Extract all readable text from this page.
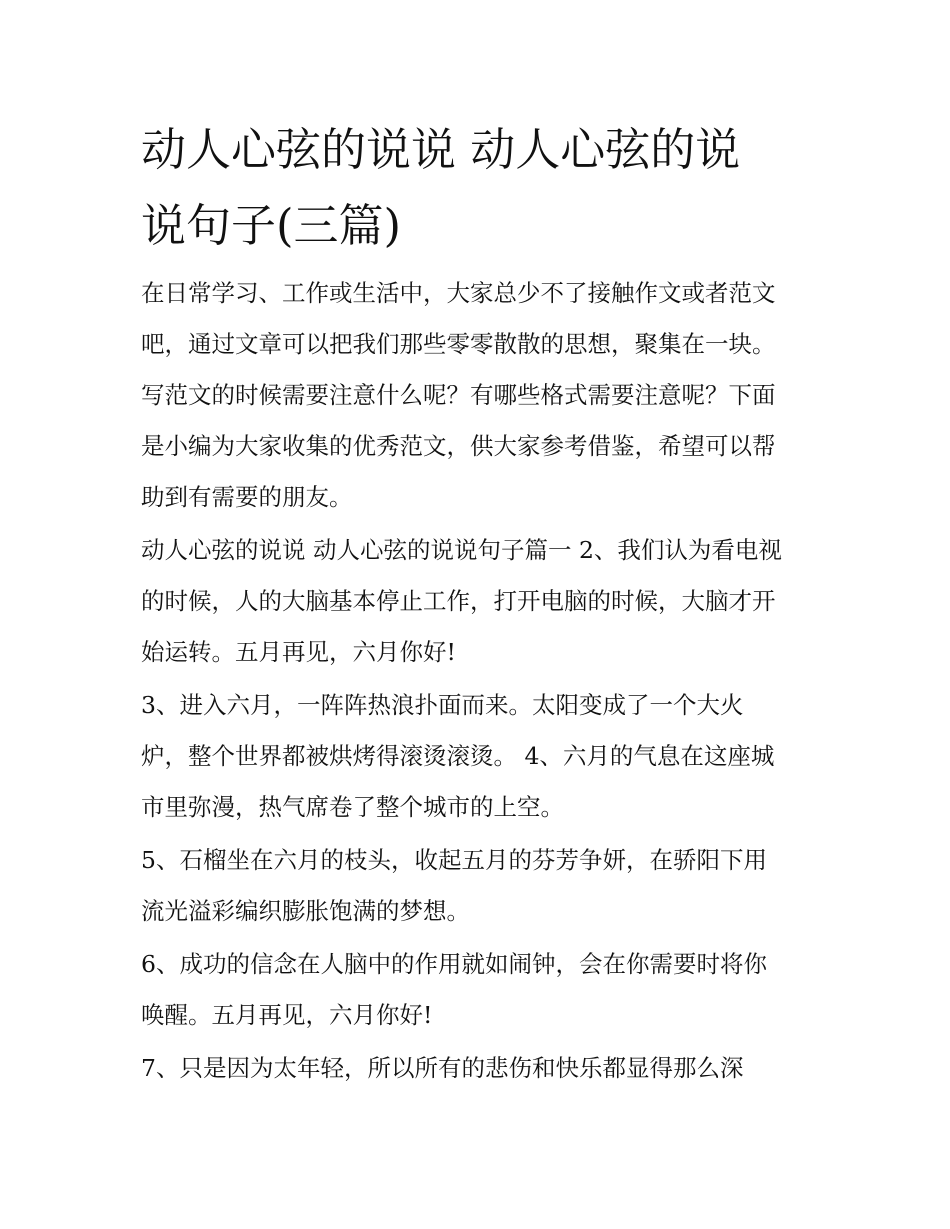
动人心弦的说说 动人心弦的说
说句子(三篇)

在日常学习、工作或生活中，大家总少不了接触作文或者范文
吧，通过文章可以把我们那些零零散散的思想，聚集在一块。
写范文的时候需要注意什么呢？有哪些格式需要注意呢？下面
是小编为大家收集的优秀范文，供大家参考借鉴，希望可以帮
助到有需要的朋友。

动人心弦的说说 动人心弦的说说句子篇一 2、我们认为看电视
的时候，人的大脑基本停止工作，打开电脑的时候，大脑才开
始运转。五月再见，六月你好!

3、进入六月，一阵阵热浪扑面而来。太阳变成了一个大火
炉，整个世界都被烘烤得滚烫滚烫。 4、六月的气息在这座城
市里弥漫，热气席卷了整个城市的上空。

5、石榴坐在六月的枝头，收起五月的芬芳争妍，在骄阳下用
流光溢彩编织膨胀饱满的梦想。

6、成功的信念在人脑中的作用就如闹钟，会在你需要时将你
唤醒。五月再见，六月你好!

7、只是因为太年轻，所以所有的悲伤和快乐都显得那么深
